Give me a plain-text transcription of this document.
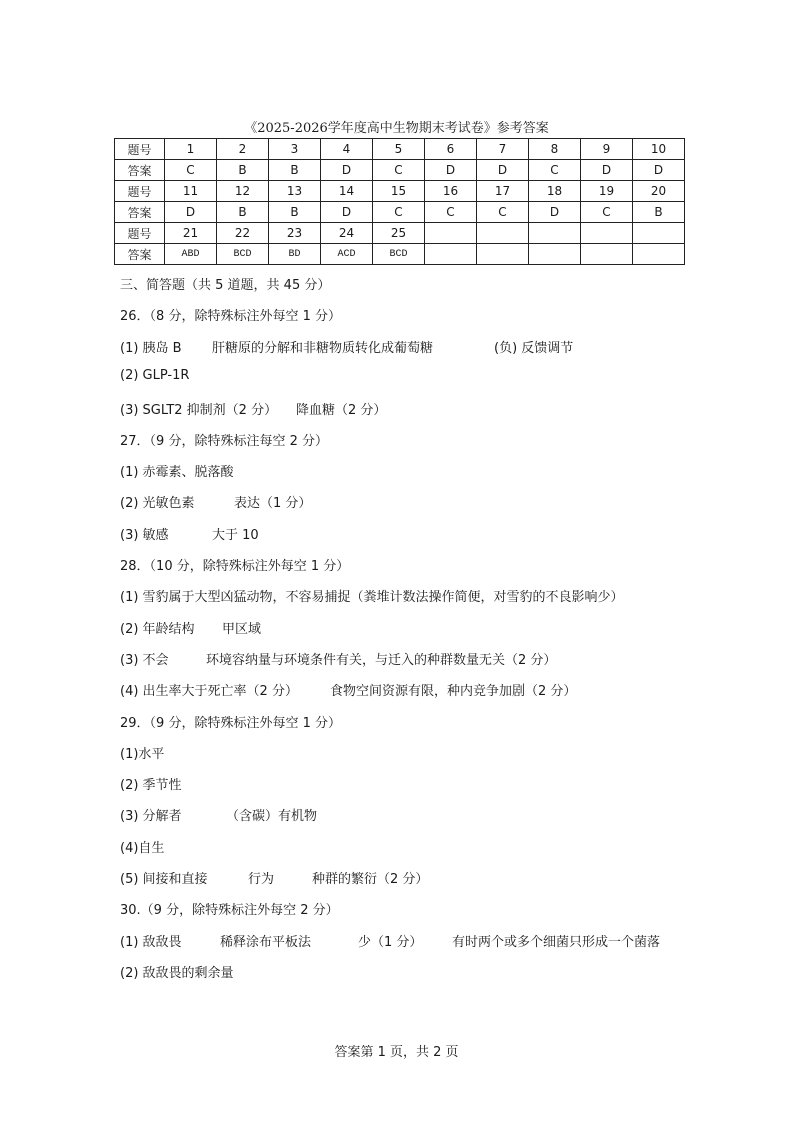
《2025-2026学年度高中生物期末考试卷》参考答案
题号	1	2	3	4	5	6	7	8	9	10
答案	C	B	B	D	C	D	D	C	D	D
题号	11	12	13	14	15	16	17	18	19	20
答案	D	B	B	D	C	C	C	D	C	B
题号	21	22	23	24	25					
答案	ABD	BCD	BD	ACD	BCD					
三、简答题（共 5 道题，共 45 分）
26．（8 分，除特殊标注外每空 1 分）
(1) 胰岛 B 肝糖原的分解和非糖物质转化成葡萄糖	(负) 反馈调节
(2) GLP-1R
(3) SGLT2 抑制剂（2 分） 降血糖（2 分）
27．（9 分，除特殊标注每空 2 分）
(1) 赤霉素、脱落酸
(2) 光敏色素	表达（1 分）
(3) 敏感	大于 10
28．（10 分，除特殊标注外每空 1 分）
(1) 雪豹属于大型凶猛动物，不容易捕捉（粪堆计数法操作简便，对雪豹的不良影响少）
(2) 年龄结构 甲区域
(3) 不会	环境容纳量与环境条件有关，与迁入的种群数量无关（2 分）
(4) 出生率大于死亡率（2 分） 食物空间资源有限，种内竞争加剧（2 分）
29．（9 分，除特殊标注外每空 1 分）
(1)水平
(2) 季节性
(3) 分解者	（含碳）有机物
(4)自生
(5) 间接和直接	行为	种群的繁衍（2 分）
30.（9 分，除特殊标注外每空 2 分）
(1) 敌敌畏	稀释涂布平板法	少（1 分） 有时两个或多个细菌只形成一个菌落
(2) 敌敌畏的剩余量
答案第 1 页，共 2 页
